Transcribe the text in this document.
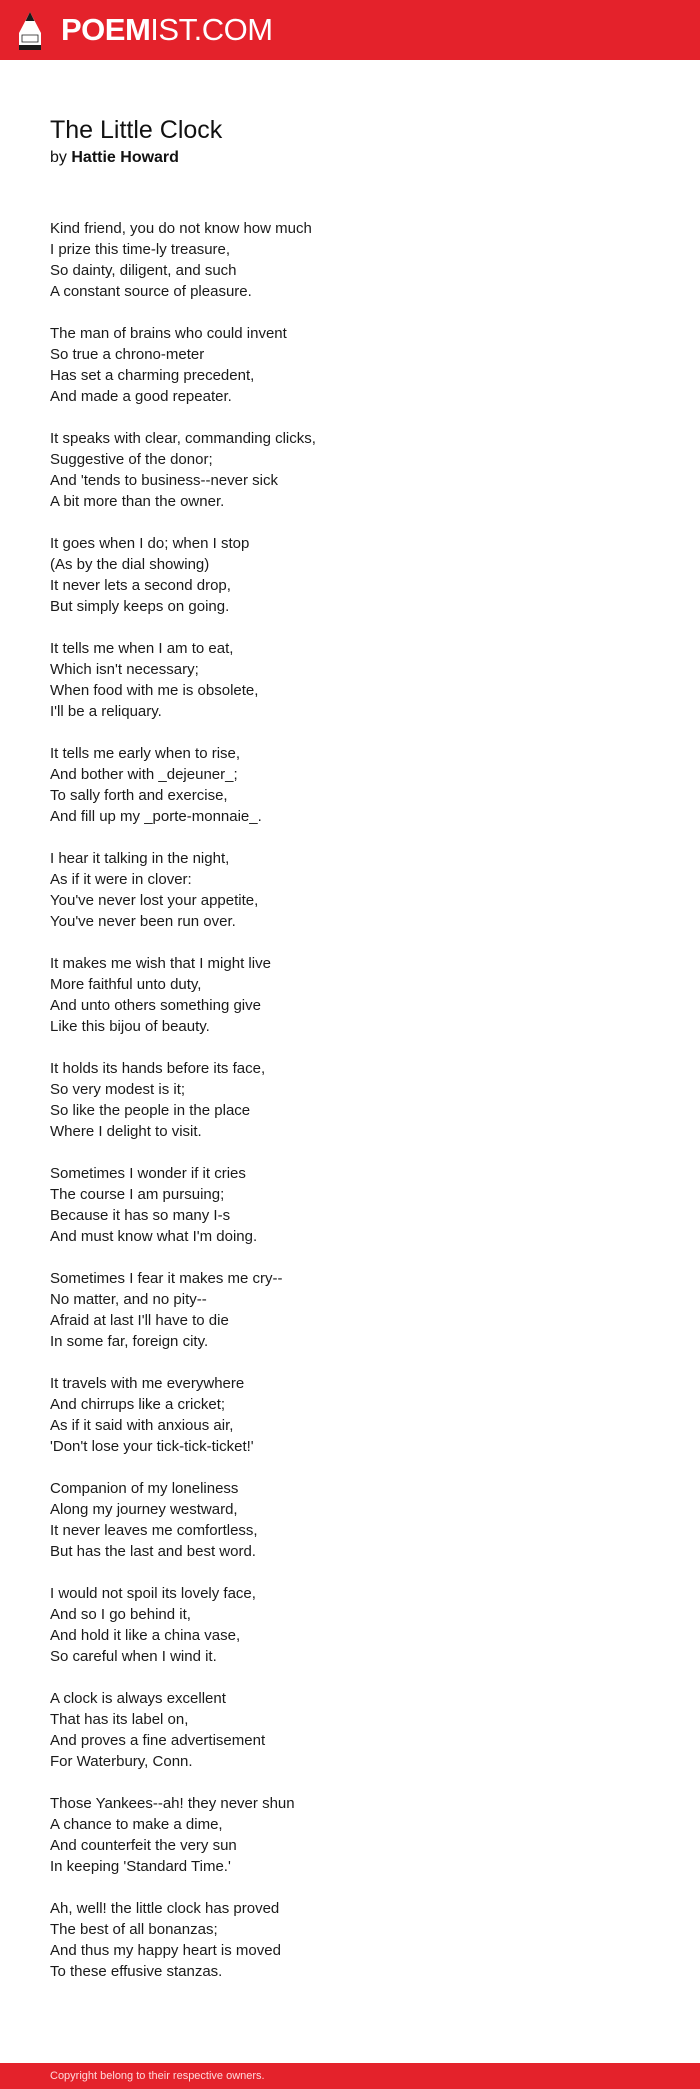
POEMIST.COM
The Little Clock
by Hattie Howard
Kind friend, you do not know how much
I prize this time-ly treasure,
So dainty, diligent, and such
A constant source of pleasure.
The man of brains who could invent
So true a chrono-meter
Has set a charming precedent,
And made a good repeater.
It speaks with clear, commanding clicks,
Suggestive of the donor;
And 'tends to business--never sick
A bit more than the owner.
It goes when I do; when I stop
(As by the dial showing)
It never lets a second drop,
But simply keeps on going.
It tells me when I am to eat,
Which isn't necessary;
When food with me is obsolete,
I'll be a reliquary.
It tells me early when to rise,
And bother with _dejeuner_;
To sally forth and exercise,
And fill up my _porte-monnaie_.
I hear it talking in the night,
As if it were in clover:
You've never lost your appetite,
You've never been run over.
It makes me wish that I might live
More faithful unto duty,
And unto others something give
Like this bijou of beauty.
It holds its hands before its face,
So very modest is it;
So like the people in the place
Where I delight to visit.
Sometimes I wonder if it cries
The course I am pursuing;
Because it has so many I-s
And must know what I'm doing.
Sometimes I fear it makes me cry--
No matter, and no pity--
Afraid at last I'll have to die
In some far, foreign city.
It travels with me everywhere
And chirrups like a cricket;
As if it said with anxious air,
'Don't lose your tick-tick-ticket!'
Companion of my loneliness
Along my journey westward,
It never leaves me comfortless,
But has the last and best word.
I would not spoil its lovely face,
And so I go behind it,
And hold it like a china vase,
So careful when I wind it.
A clock is always excellent
That has its label on,
And proves a fine advertisement
For Waterbury, Conn.
Those Yankees--ah! they never shun
A chance to make a dime,
And counterfeit the very sun
In keeping 'Standard Time.'
Ah, well! the little clock has proved
The best of all bonanzas;
And thus my happy heart is moved
To these effusive stanzas.
Copyright belong to their respective owners.
